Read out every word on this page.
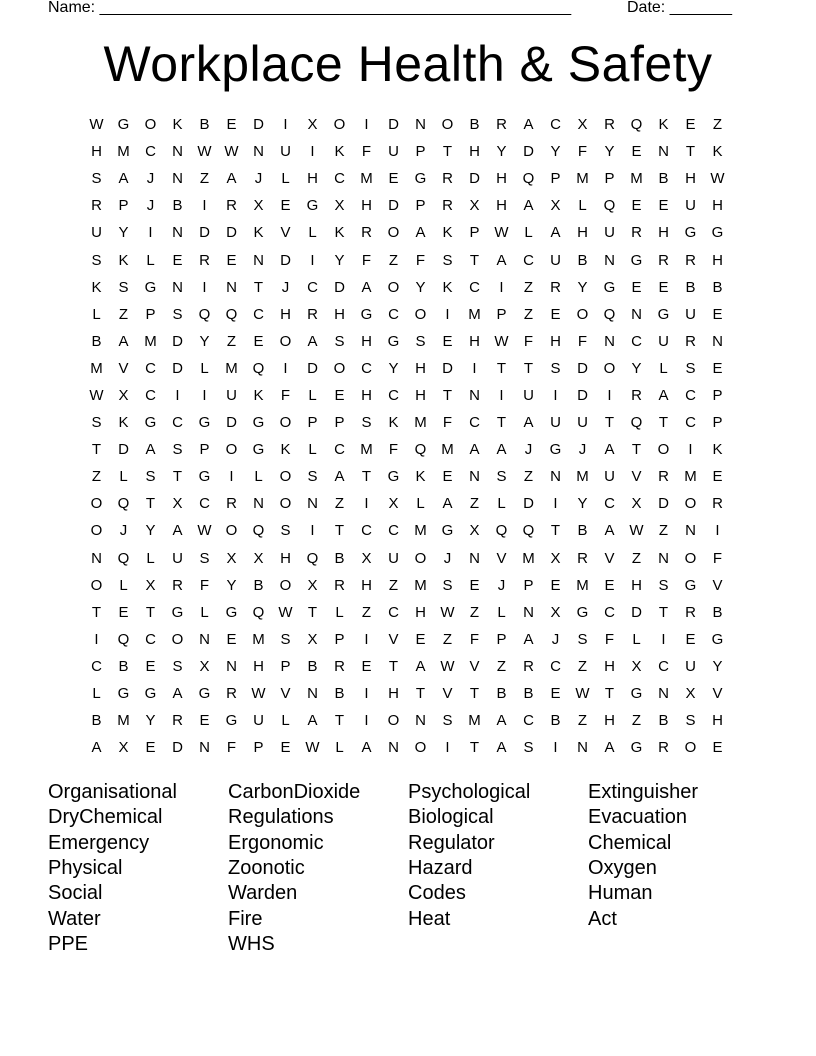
Name: _____________________________________________________	Date: _______
Workplace Health & Safety
W G	O	K	B	E	D	I	X	O	I	D	N	O	B	R	A	C	X	R	Q	K	E	Z
H	M	C	N W W N	U	I	K	F	U	P	T	H	Y	D	Y	F	Y	E	N	T	K
S	A	J	N	Z	A	J	L	H	C	M	E	G	R	D	H	Q	P	M	P	M	B	H W
R	P	J	B	I	R	X	E	G	X	H	D	P	R	X	H	A	X	L	Q	E	E	U	H
U	Y	I	N	D	D	K	V	L	K	R	O	A	K	P W	L	A	H	U	R	H	G	G
S	K	L	E	R	E	N	D	I	Y	F	Z	F	S	T	A	C	U	B	N	G	R	R	H
K	S	G	N	I	N	T	J	C	D	A	O	Y	K	C	I	Z	R	Y	G	E	E	B	B
L	Z	P	S	Q	Q	C	H	R	H	G	C	O	I	M	P	Z	E	O	Q	N	G	U	E
B	A	M	D	Y	Z	E	O	A	S	H	G	S	E	H W	F	H	F	N	C	U	R	N
M	V	C	D	L	M Q	I	D	O	C	Y	H	D	I	T	T	S	D	O	Y	L	S	E
W X	C	I	I	U	K	F	L	E	H	C	H	T	N	I	U	I	D	I	R	A	C	P
S	K	G	C	G	D	G	O	P	P	S	K	M	F	C	T	A	U	U	T	Q	T	C	P
T	D	A	S	P	O	G	K	L	C	M	F	Q M	A	A	J	G	J	A	T	O	I	K
Z	L	S	T	G	I	L	O	S	A	T	G	K	E	N	S	Z	N	M	U	V	R	M	E
O	Q	T	X	C	R	N	O	N	Z	I	X	L	A	Z	L	D	I	Y	C	X	D	O	R
O	J	Y	A W O	Q	S	I	T	C	C	M G	X	Q	Q	T	B	A W	Z	N	I
N	Q	L	U	S	X	X	H	Q	B	X	U	O	J	N	V	M	X	R	V	Z	N	O	F
O	L	X	R	F	Y	B	O	X	R	H	Z	M	S	E	J	P	E	M	E	H	S	G	V
T	E	T	G	L	G	Q W	T	L	Z	C	H W	Z	L	N	X	G	C	D	T	R	B
I	Q	C	O	N	E	M	S	X	P	I	V	E	Z	F	P	A	J	S	F	L	I	E	G
C	B	E	S	X	N	H	P	B	R	E	T	A W V	Z	R	C	Z	H	X	C	U	Y
L	G	G	A	G	R W V	N	B	I	H	T	V	T	B	B	E W	T	G	N	X	V
B	M	Y	R	E	G	U	L	A	T	I	O	N	S	M	A	C	B	Z	H	Z	B	S	H
A	X	E	D	N	F	P	E W	L	A	N	O	I	T	A	S	I	N	A	G	R	O	E
Organisational	CarbonDioxide	Psychological	Extinguisher
DryChemical	Regulations	Biological	Evacuation
Emergency	Ergonomic	Regulator	Chemical
Physical	Zoonotic	Hazard	Oxygen
Social	Warden	Codes	Human
Water	Fire	Heat	Act
PPE	WHS
